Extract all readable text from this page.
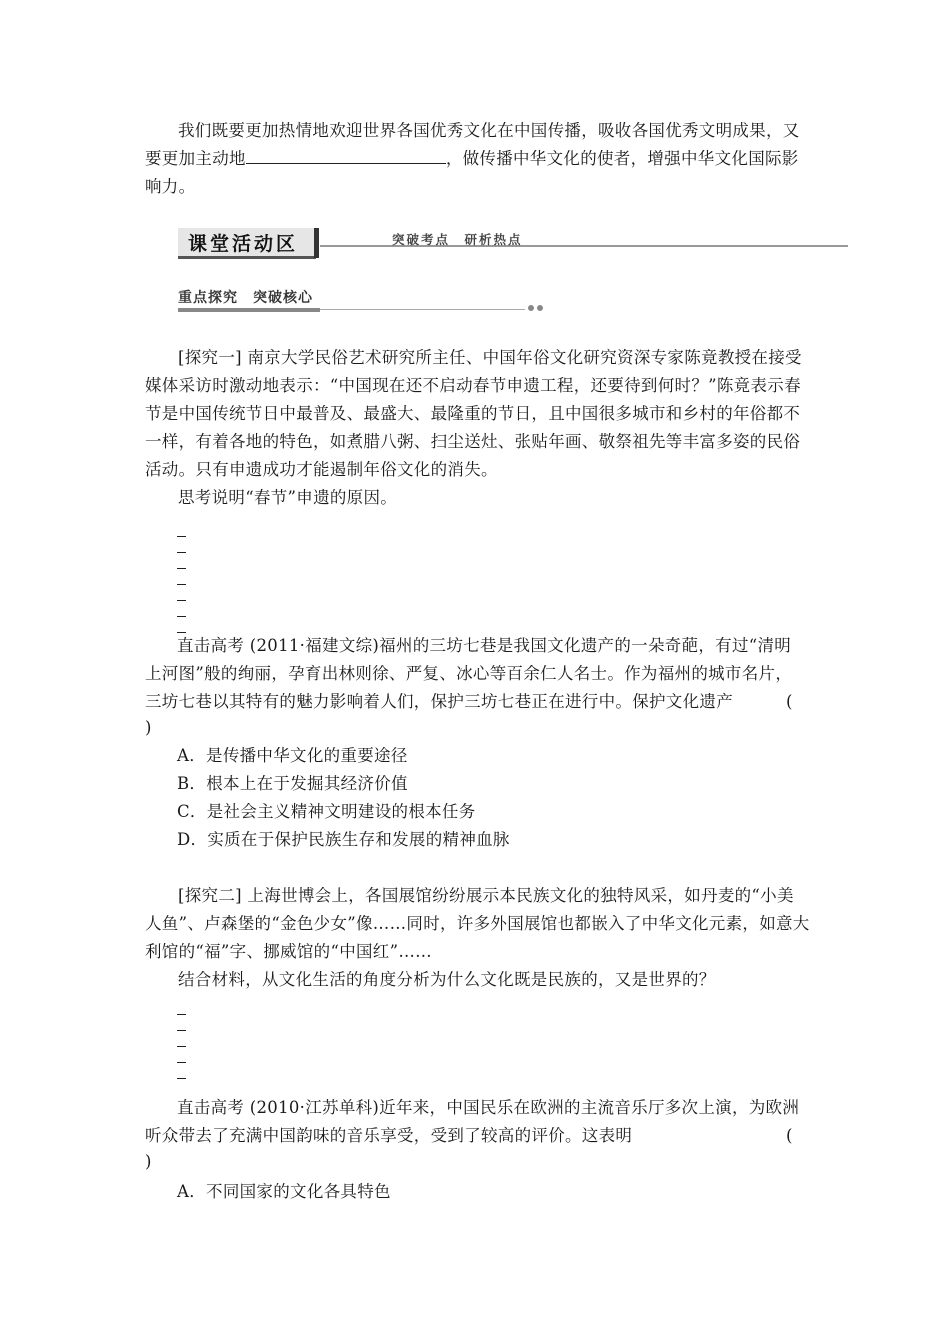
我们既要更加热情地欢迎世界各国优秀文化在中国传播，吸收各国优秀文明成果，又要更加主动地	，做传播中华文化的使者，增强中华文化国际影响力。

课堂活动区	突破考点　研析热点
重点探究　突破核心

[探究一] 南京大学民俗艺术研究所主任、中国年俗文化研究资深专家陈竟教授在接受媒体采访时激动地表示：“中国现在还不启动春节申遗工程，还要待到何时？”陈竟表示春节是中国传统节日中最普及、最盛大、最隆重的节日，且中国很多城市和乡村的年俗都不一样，有着各地的特色，如煮腊八粥、扫尘送灶、张贴年画、敬祭祖先等丰富多姿的民俗活动。只有申遗成功才能遏制年俗文化的消失。

思考说明“春节”申遗的原因。

直击高考 (2011·福建文综)福州的三坊七巷是我国文化遗产的一朵奇葩，有过“清明
上河图”般的绚丽，孕育出林则徐、严复、冰心等百余仁人名士。作为福州的城市名片，
三坊七巷以其特有的魅力影响着人们，保护三坊七巷正在进行中。保护文化遗产	(
)
A．是传播中华文化的重要途径
B．根本上在于发掘其经济价值
C．是社会主义精神文明建设的根本任务
D．实质在于保护民族生存和发展的精神血脉

[探究二] 上海世博会上，各国展馆纷纷展示本民族文化的独特风采，如丹麦的“小美人鱼”、卢森堡的“金色少女”像……同时，许多外国展馆也都嵌入了中华文化元素，如意大利馆的“福”字、挪威馆的“中国红”……

结合材料，从文化生活的角度分析为什么文化既是民族的，又是世界的？

直击高考 (2010·江苏单科)近年来，中国民乐在欧洲的主流音乐厅多次上演，为欧洲
听众带去了充满中国韵味的音乐享受，受到了较高的评价。这表明	(
)
A．不同国家的文化各具特色
